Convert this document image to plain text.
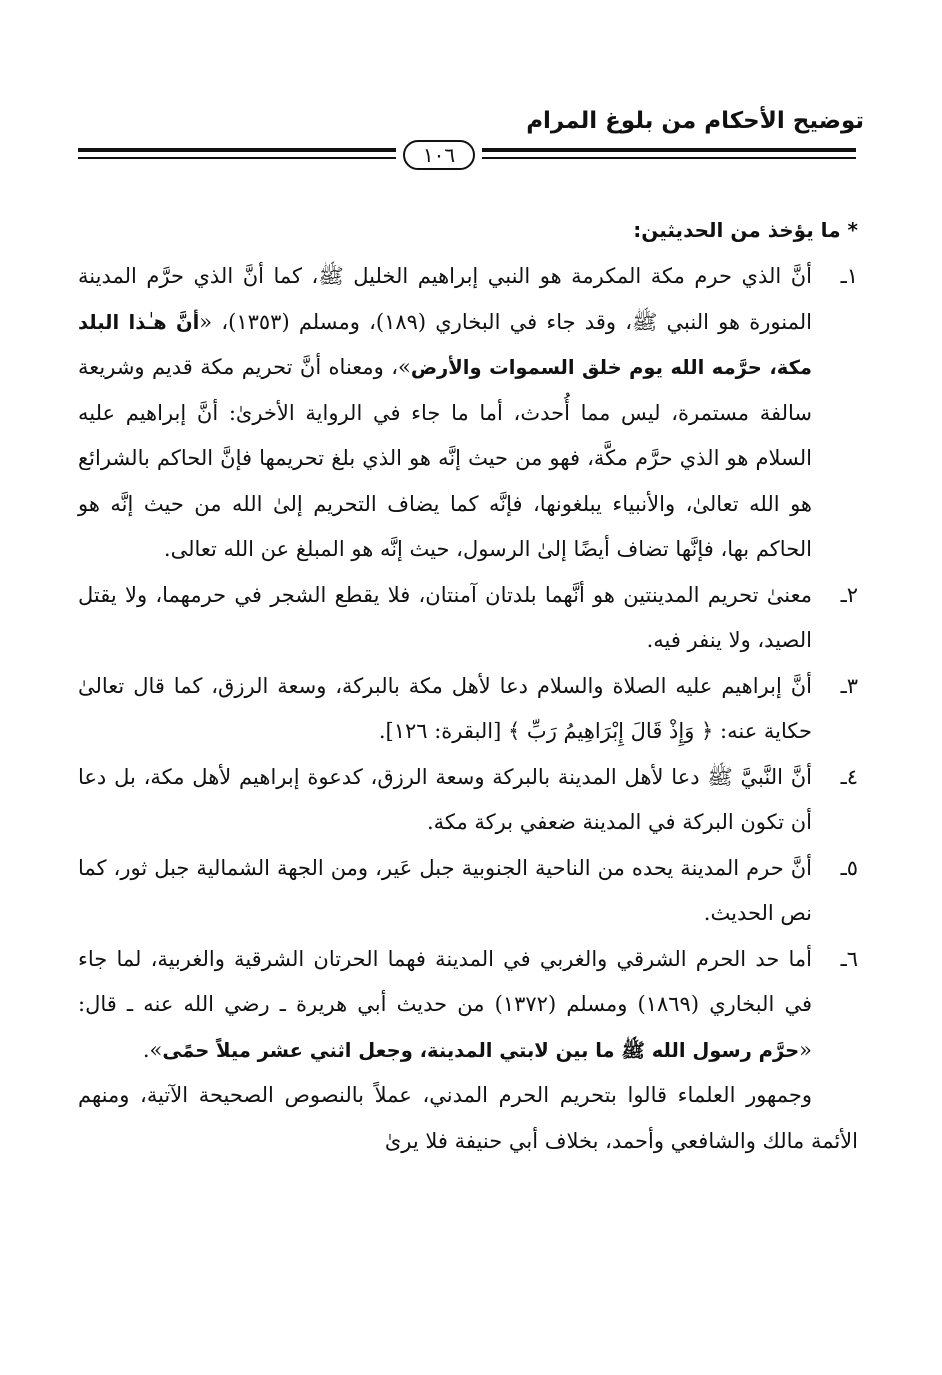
توضيح الأحكام من بلوغ المرام
١٠٦

* ما يؤخذ من الحديثين:

١ـ
أنَّ الذي حرم مكة المكرمة هو النبي إبراهيم الخليل ﷺ، كما أنَّ الذي حرَّم المدينة المنورة هو النبي ﷺ، وقد جاء في البخاري (١٨٩)، ومسلم (١٣٥٣)، «أنَّ هـٰذا البلد مكة، حرَّمه الله يوم خلق السموات والأرض»، ومعناه أنَّ تحريم مكة قديم وشريعة سالفة مستمرة، ليس مما أُحدث، أما ما جاء في الرواية الأخرىٰ: أنَّ إبراهيم عليه السلام هو الذي حرَّم مكَّة، فهو من حيث إنَّه هو الذي بلغ تحريمها فإنَّ الحاكم بالشرائع هو الله تعالىٰ، والأنبياء يبلغونها، فإنَّه كما يضاف التحريم إلىٰ الله من حيث إنَّه هو الحاكم بها، فإنَّها تضاف أيضًا إلىٰ الرسول، حيث إنَّه هو المبلغ عن الله تعالى.

٢ـ
معنىٰ تحريم المدينتين هو أنَّهما بلدتان آمنتان، فلا يقطع الشجر في حرمهما، ولا يقتل الصيد، ولا ينفر فيه.

٣ـ
أنَّ إبراهيم عليه الصلاة والسلام دعا لأهل مكة بالبركة، وسعة الرزق، كما قال تعالىٰ حكاية عنه: ﴿ وَإِذْ قَالَ إِبْرَاهِيمُ رَبِّ ﴾ [البقرة: ١٢٦].

٤ـ
أنَّ النَّبيَّ ﷺ دعا لأهل المدينة بالبركة وسعة الرزق، كدعوة إبراهيم لأهل مكة، بل دعا أن تكون البركة في المدينة ضعفي بركة مكة.

٥ـ
أنَّ حرم المدينة يحده من الناحية الجنوبية جبل عَير، ومن الجهة الشمالية جبل ثور، كما نص الحديث.

٦ـ
أما حد الحرم الشرقي والغربي في المدينة فهما الحرتان الشرقية والغربية، لما جاء في البخاري (١٨٦٩) ومسلم (١٣٧٢) من حديث أبي هريرة ـ رضي الله عنه ـ قال: «حرَّم رسول الله ﷺ ما بين لابتي المدينة، وجعل اثني عشر ميلاً حمًى».

وجمهور العلماء قالوا بتحريم الحرم المدني، عملاً بالنصوص الصحيحة الآتية، ومنهم الأئمة مالك والشافعي وأحمد، بخلاف أبي حنيفة فلا يرىٰ
